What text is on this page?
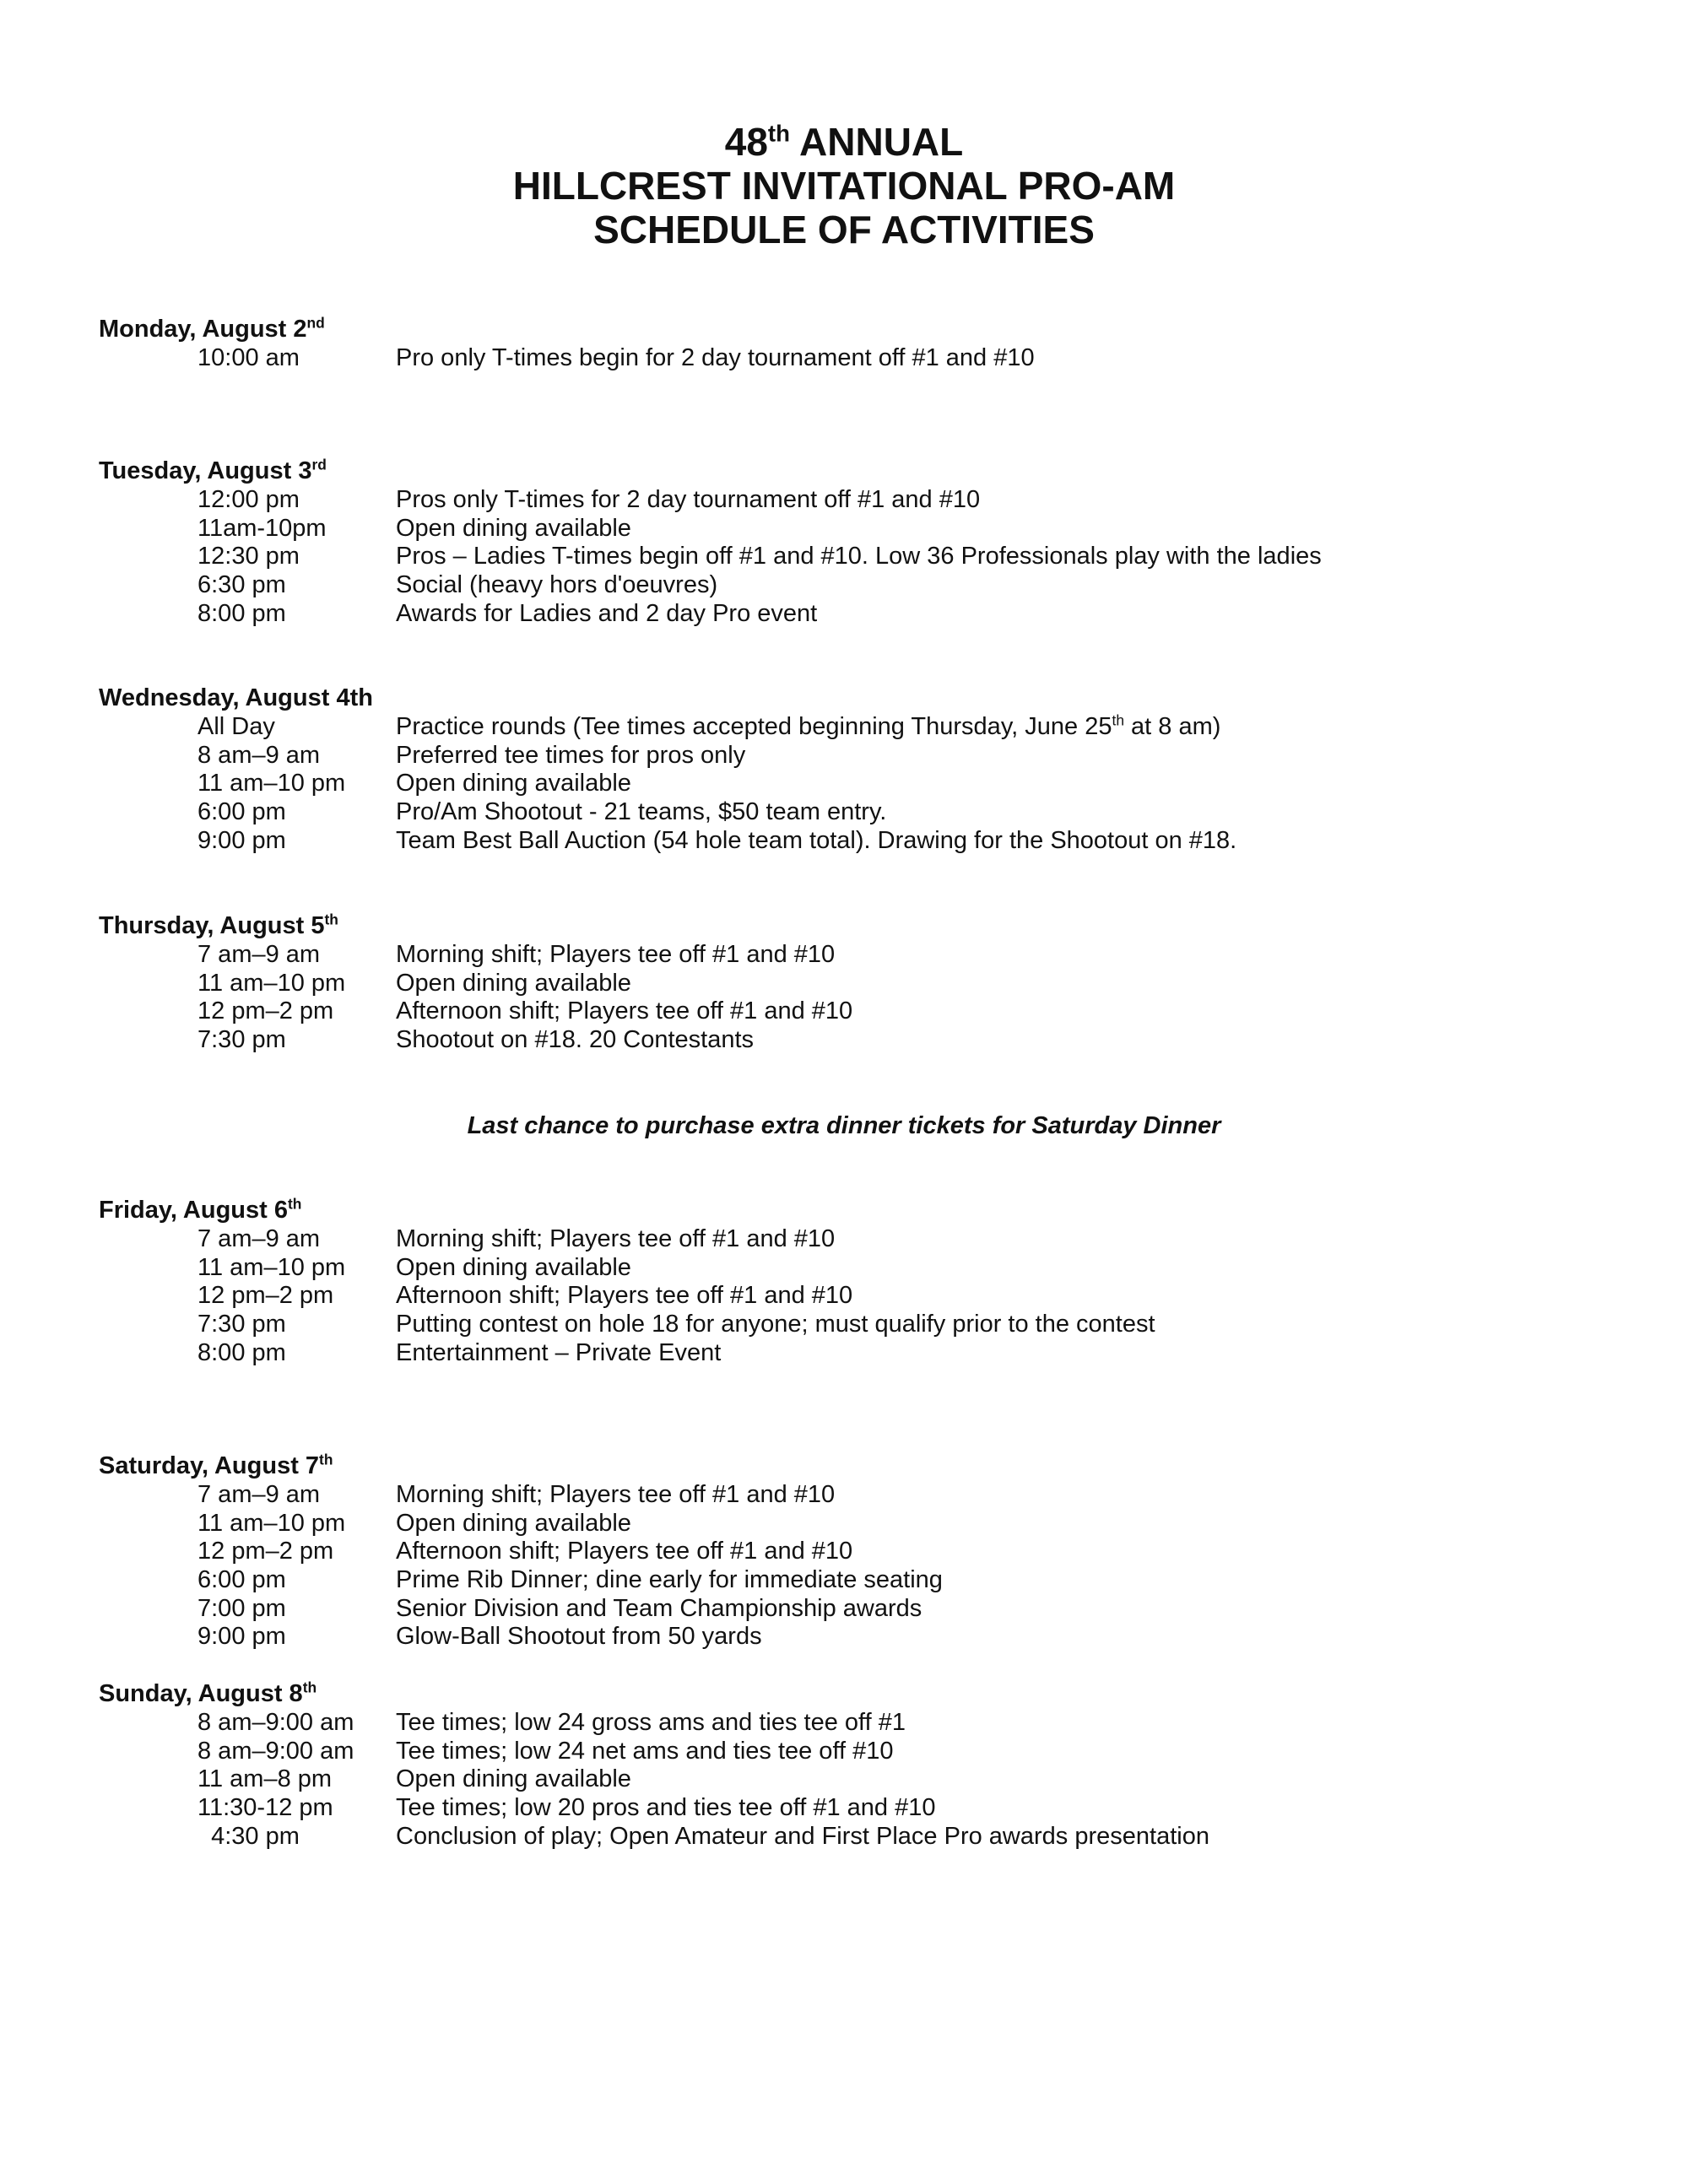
48th ANNUAL
HILLCREST INVITATIONAL PRO-AM
SCHEDULE OF ACTIVITIES
Monday, August 2nd
10:00 am	Pro only T-times begin for 2 day tournament off #1 and #10
Tuesday, August 3rd
12:00 pm	Pros only T-times for 2 day tournament off #1 and #10
11am-10pm	Open dining available
12:30 pm	Pros – Ladies T-times begin off #1 and #10. Low 36 Professionals play with the ladies
6:30 pm	Social (heavy hors d'oeuvres)
8:00 pm	Awards for Ladies and 2 day Pro event
Wednesday, August 4th
All Day	Practice rounds (Tee times accepted beginning Thursday, June 25th at 8 am)
8 am–9 am	Preferred tee times for pros only
11 am–10 pm Open dining available
6:00 pm	Pro/Am Shootout - 21 teams, $50 team entry.
9:00 pm	Team Best Ball Auction (54 hole team total). Drawing for the Shootout on #18.
Thursday, August 5th
7 am–9 am	Morning shift; Players tee off #1 and #10
11 am–10 pm Open dining available
12 pm–2 pm	Afternoon shift; Players tee off #1 and #10
7:30 pm	Shootout on #18. 20 Contestants
Friday, August 6th
7 am–9 am	Morning shift; Players tee off #1 and #10
11 am–10 pm Open dining available
12 pm–2 pm	Afternoon shift; Players tee off #1 and #10
7:30 pm	Putting contest on hole 18 for anyone; must qualify prior to the contest
8:00 pm	Entertainment – Private Event
Saturday, August 7th
7 am–9 am	Morning shift; Players tee off #1 and #10
11 am–10 pm Open dining available
12 pm–2 pm	Afternoon shift; Players tee off #1 and #10
6:00 pm	Prime Rib Dinner; dine early for immediate seating
7:00 pm	Senior Division and Team Championship awards
9:00 pm	Glow-Ball Shootout from 50 yards
Sunday, August 8th
8 am–9:00 am Tee times; low 24 gross ams and ties tee off #1
8 am–9:00 am Tee times; low 24 net ams and ties tee off #10
11 am–8 pm	Open dining available
11:30-12 pm	Tee times; low 20 pros and ties tee off #1 and #10
4:30 pm	Conclusion of play; Open Amateur and First Place Pro awards presentation
Last chance to purchase extra dinner tickets for Saturday Dinner
